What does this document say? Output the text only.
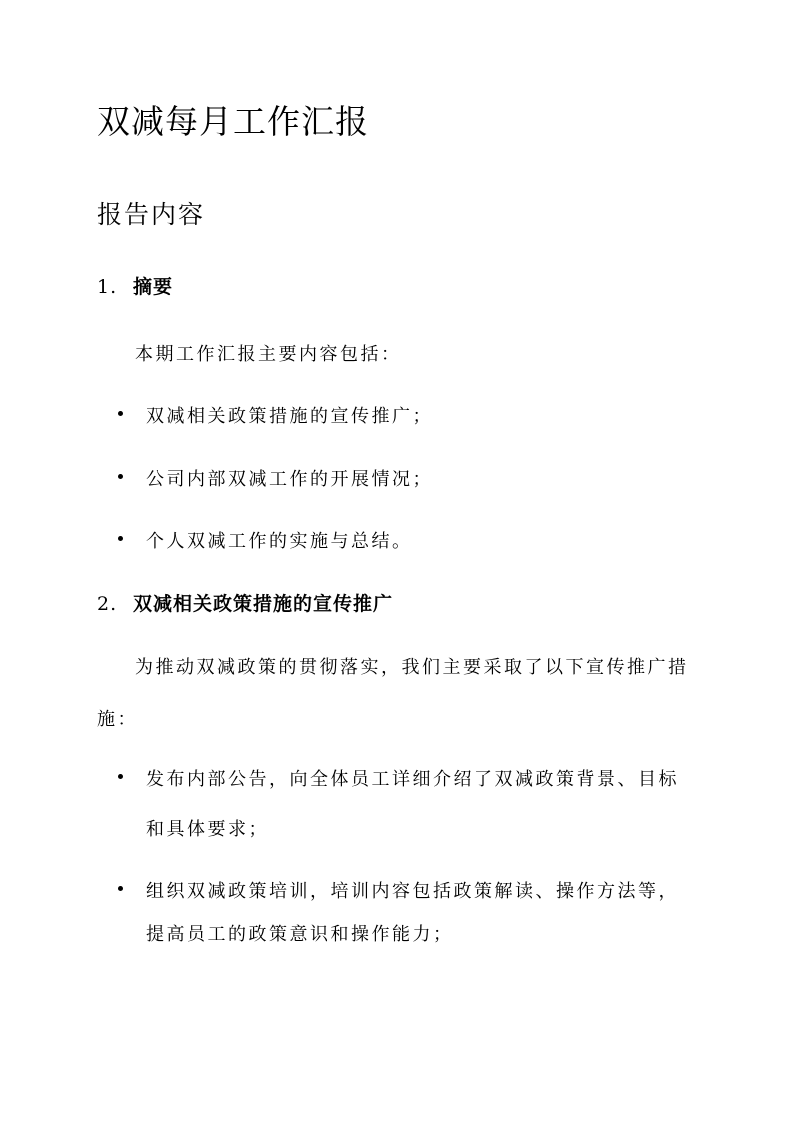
双减每月工作汇报
报告内容
1. 摘要

本期工作汇报主要内容包括：

双减相关政策措施的宣传推广；
公司内部双减工作的开展情况；
个人双减工作的实施与总结。
2. 双减相关政策措施的宣传推广

为推动双减政策的贯彻落实，我们主要采取了以下宣传推广措

施：

发布内部公告，向全体员工详细介绍了双减政策背景、目标

和具体要求；

组织双减政策培训，培训内容包括政策解读、操作方法等，

提高员工的政策意识和操作能力；
